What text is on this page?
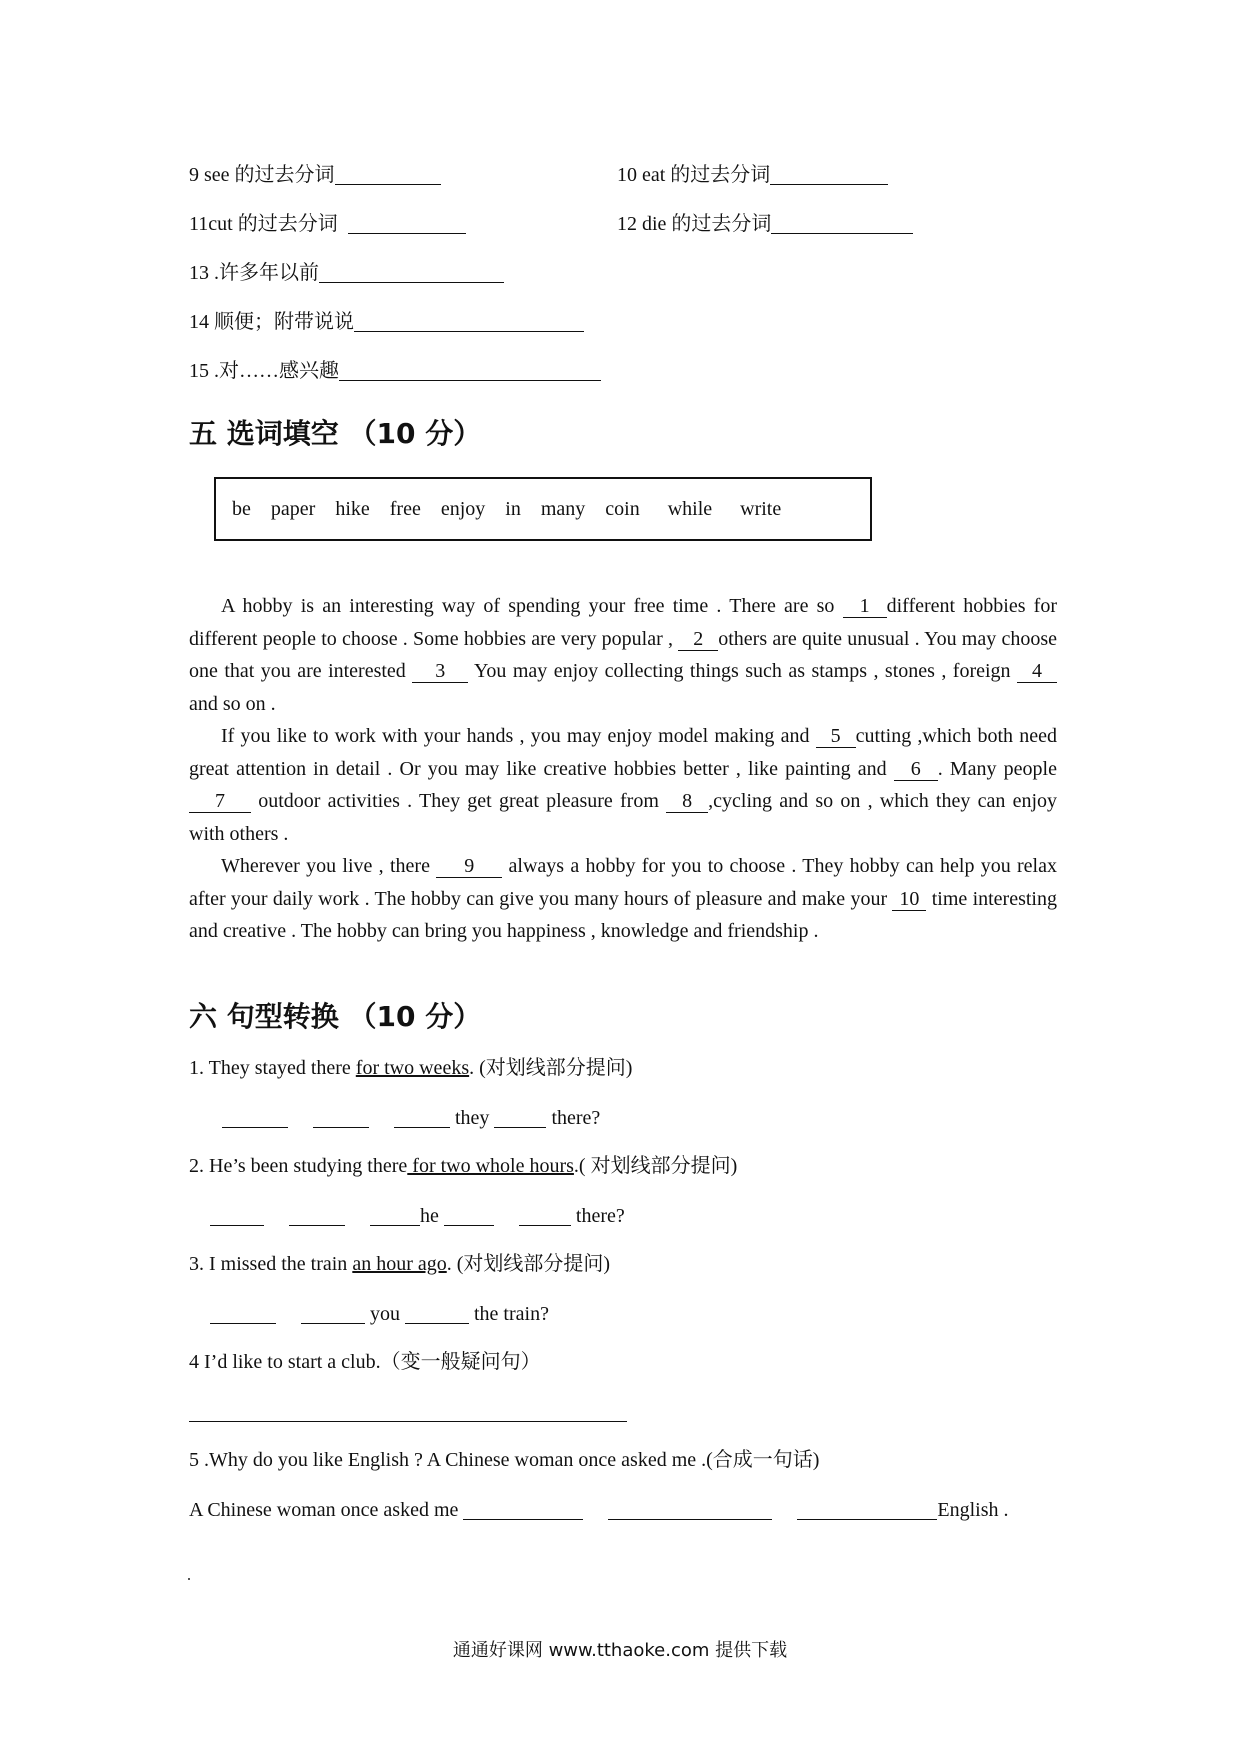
9 see 的过去分词	10 eat 的过去分词
11cut 的过去分词	12 die 的过去分词
13 .许多年以前
14 顺便；附带说说
15 .对……感兴趣
五 选词填空 （10 分）
be paper hike free enjoy in many coin while write
A hobby is an interesting way of spending your free time . There are so 1 different hobbies for different people to choose . Some hobbies are very popular , 2 others are quite unusual . You may choose one that you are interested 3 You may enjoy collecting things such as stamps , stones , foreign 4and so on .
If you like to work with your hands , you may enjoy model making and 5 cutting ,which both need great attention in detail . Or you may like creative hobbies better , like painting and 6 . Many people 7 outdoor activities . They get great pleasure from 8 ,cycling and so on , which they can enjoy with others .
Wherever you live , there 9 always a hobby for you to choose . They hobby can help you relax after your daily work . The hobby can give you many hours of pleasure and make your 10 time interesting and creative . The hobby can bring you happiness , knowledge and friendship .
六 句型转换 （10 分）
1. They stayed there for two weeks. (对划线部分提问)
they	there?
2. He’s been studying there for two whole hours.( 对划线部分提问)
he	there?
3. I missed the train an hour ago. (对划线部分提问)
you	the train?
4 I’d like to start a club.（变一般疑问句）
5 .Why do you like English ? A Chinese woman once asked me .(合成一句话)
A Chinese woman once asked me	English .
通通好课网 www.tthaoke.com 提供下载
